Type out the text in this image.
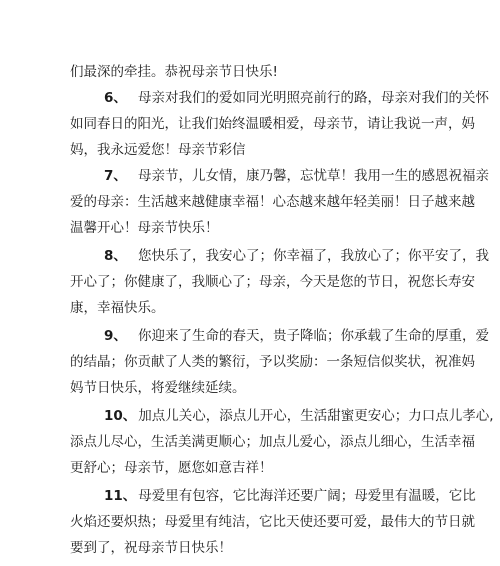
们最深的牵挂。恭祝母亲节日快乐!
6、 母亲对我们的爱如同光明照亮前行的路，母亲对我们的关怀
如同春日的阳光，让我们始终温暖相爱，母亲节，请让我说一声，妈
妈，我永远爱您！母亲节彩信
7、 母亲节，儿女情，康乃馨，忘忧草！我用一生的感恩祝福亲
爱的母亲：生活越来越健康幸福！心态越来越年轻美丽！日子越来越
温馨开心！母亲节快乐！
8、 您快乐了，我安心了；你幸福了，我放心了；你平安了，我
开心了；你健康了，我顺心了；母亲，今天是您的节日，祝您长寿安
康，幸福快乐。
9、 你迎来了生命的春天，贵子降临；你承载了生命的厚重，爱
的结晶；你贡献了人类的繁衍，予以奖励：一条短信似奖状，祝准妈
妈节日快乐，将爱继续延续。
10、 加点儿关心，添点儿开心，生活甜蜜更安心；力口点儿孝心,
添点儿尽心，生活美满更顺心；加点儿爱心，添点儿细心，生活幸福
更舒心；母亲节，愿您如意吉祥！
11、 母爱里有包容，它比海洋还要广阔；母爱里有温暖，它比
火焰还要炽热；母爱里有纯洁，它比天使还要可爱，最伟大的节日就
要到了，祝母亲节日快乐！
